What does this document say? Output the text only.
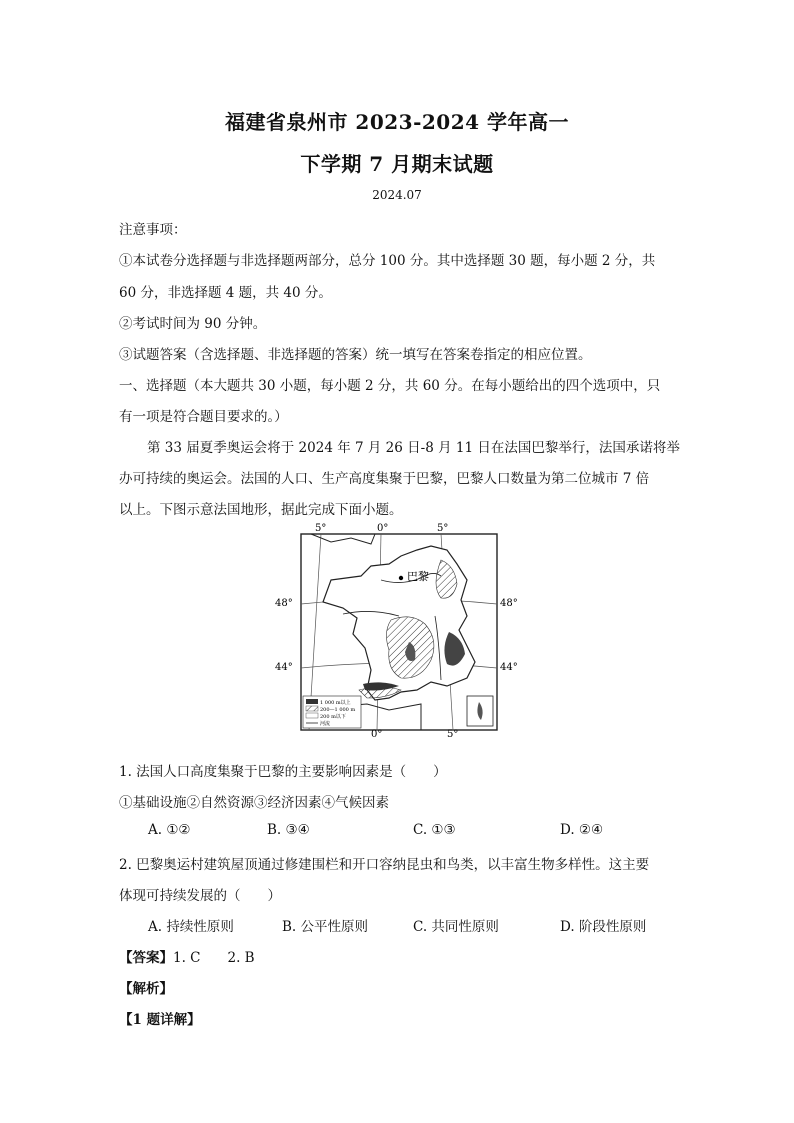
福建省泉州市 2023-2024 学年高一
下学期 7 月期末试题
2024.07
注意事项：
①本试卷分选择题与非选择题两部分，总分 100 分。其中选择题 30 题，每小题 2 分，共
60 分，非选择题 4 题，共 40 分。
②考试时间为 90 分钟。
③试题答案（含选择题、非选择题的答案）统一填写在答案卷指定的相应位置。
一、选择题（本大题共 30 小题，每小题 2 分，共 60 分。在每小题给出的四个选项中，只
有一项是符合题目要求的。）
第 33 届夏季奥运会将于 2024 年 7 月 26 日-8 月 11 日在法国巴黎举行，法国承诺将举
办可持续的奥运会。法国的人口、生产高度集聚于巴黎，巴黎人口数量为第二位城市 7 倍
以上。下图示意法国地形，据此完成下面小题。
巴黎
5°	0°	5°
0°	5°
48°	48°
44°	44°
1 000 m以上
200—1 000 m
200 m以下
河流
1. 法国人口高度集聚于巴黎的主要影响因素是（　　）
①基础设施②自然资源③经济因素④气候因素
A. ①②	B. ③④	C. ①③	D. ②④
2. 巴黎奥运村建筑屋顶通过修建围栏和开口容纳昆虫和鸟类，以丰富生物多样性。这主要
体现可持续发展的（　　）
A. 持续性原则	B. 公平性原则	C. 共同性原则	D. 阶段性原则
【答案】1. C　　2. B
【解析】
【1 题详解】
